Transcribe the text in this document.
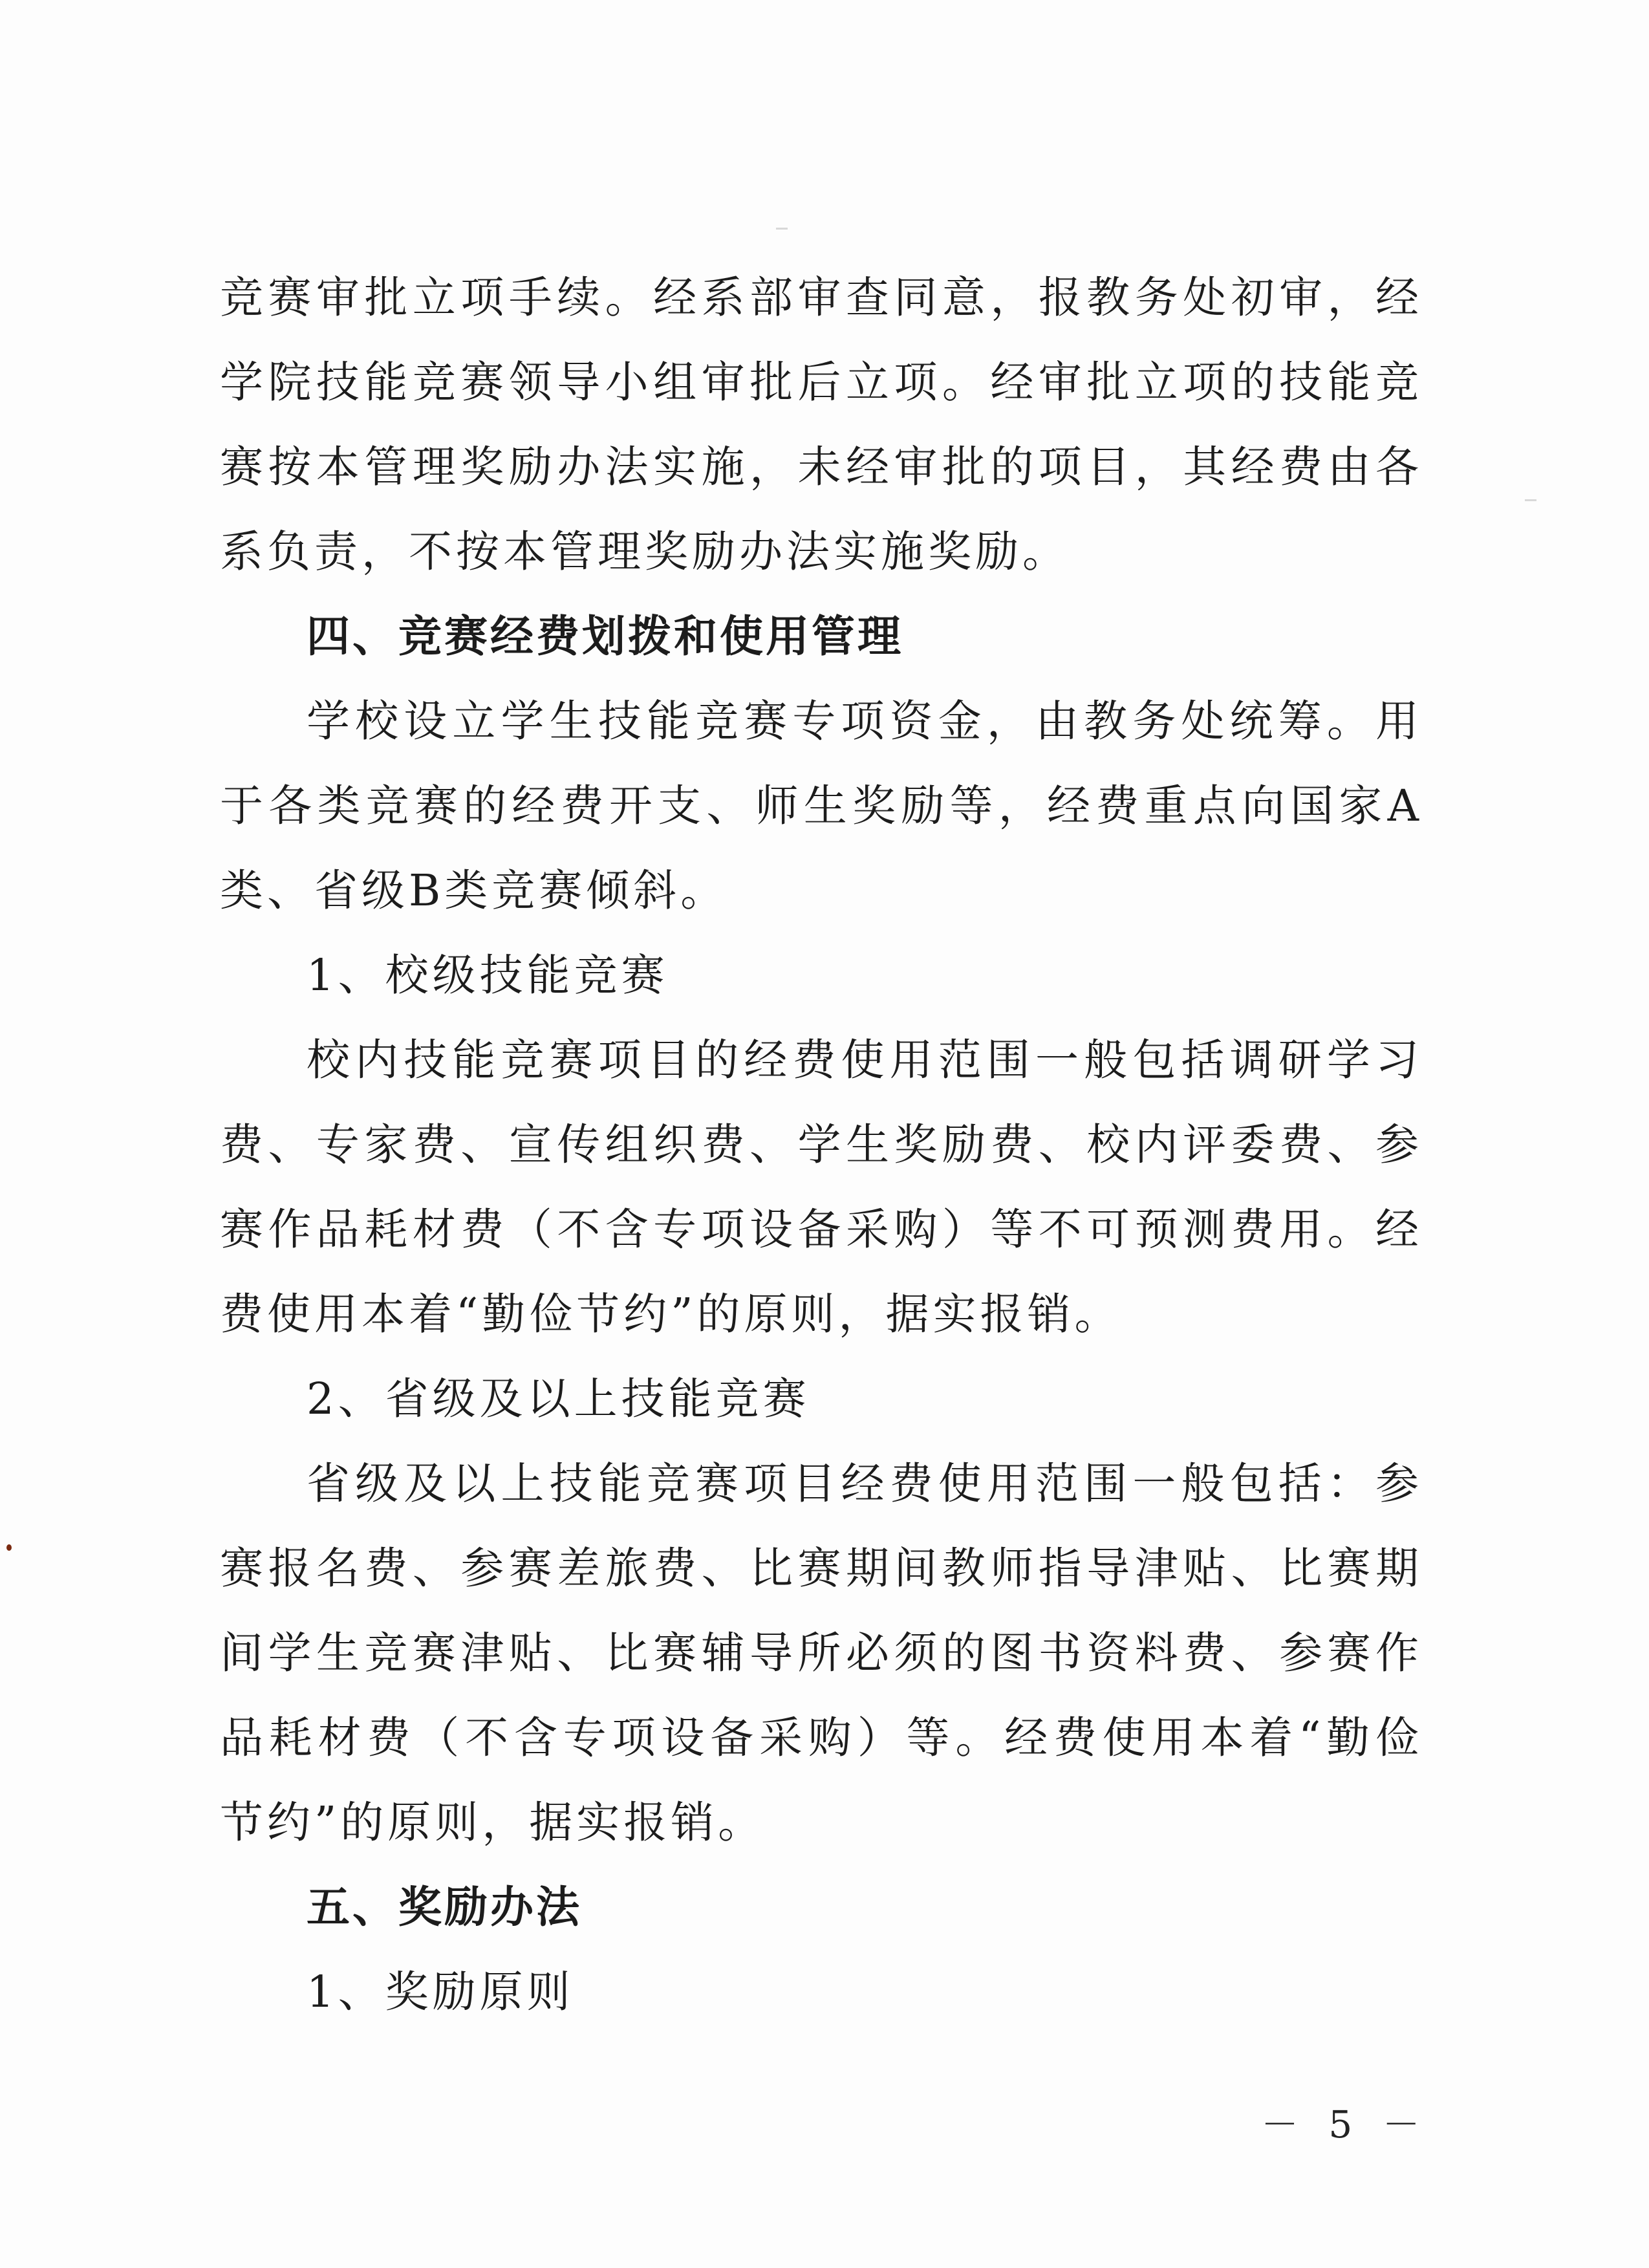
竞赛审批立项手续。经系部审查同意，报教务处初审，经学院技能竞赛领导小组审批后立项。经审批立项的技能竞赛按本管理奖励办法实施，未经审批的项目，其经费由各系负责，不按本管理奖励办法实施奖励。

四、竞赛经费划拨和使用管理

学校设立学生技能竞赛专项资金，由教务处统筹。用于各类竞赛的经费开支、师生奖励等，经费重点向国家A类、省级B类竞赛倾斜。

1、校级技能竞赛

校内技能竞赛项目的经费使用范围一般包括调研学习费、专家费、宣传组织费、学生奖励费、校内评委费、参赛作品耗材费（不含专项设备采购）等不可预测费用。经费使用本着“勤俭节约”的原则，据实报销。

2、省级及以上技能竞赛

省级及以上技能竞赛项目经费使用范围一般包括：参赛报名费、参赛差旅费、比赛期间教师指导津贴、比赛期间学生竞赛津贴、比赛辅导所必须的图书资料费、参赛作品耗材费（不含专项设备采购）等。经费使用本着“勤俭节约”的原则，据实报销。

五、奖励办法

1、奖励原则

－ 5 －
